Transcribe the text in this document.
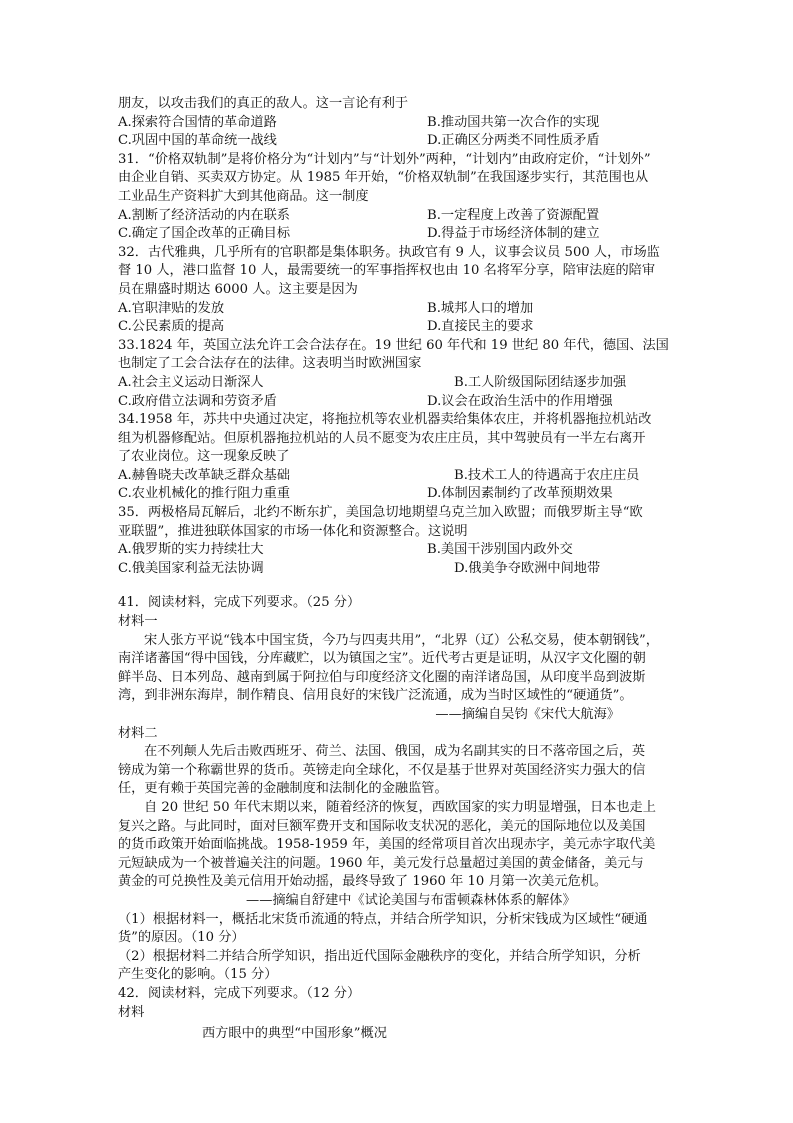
朋友，以攻击我们的真正的敌人。这一言论有利于
A.探索符合国情的革命道路	B.推动国共第一次合作的实现
C.巩固中国的革命统一战线	D.正确区分两类不同性质矛盾
31．“价格双轨制”是将价格分为“计划内”与“计划外”两种，“计划内”由政府定价，“计划外”
由企业自销、买卖双方协定。从 1985 年开始，“价格双轨制”在我国逐步实行，其范围也从
工业品生产资料扩大到其他商品。这一制度
A.割断了经济活动的内在联系	B.一定程度上改善了资源配置
C.确定了国企改革的正确目标	D.得益于市场经济体制的建立
32．古代雅典，几乎所有的官职都是集体职务。执政官有 9 人，议事会议员 500 人，市场监
督 10 人，港口监督 10 人，最需要统一的军事指挥权也由 10 名将军分享，陪审法庭的陪审
员在鼎盛时期达 6000 人。这主要是因为
A.官职津贴的发放	B.城邦人口的增加
C.公民素质的提高	D.直接民主的要求
33.1824 年，英国立法允许工会合法存在。19 世纪 60 年代和 19 世纪 80 年代，德国、法国
也制定了工会合法存在的法律。这表明当时欧洲国家
A.社会主义运动日渐深人	B.工人阶级国际团结逐步加强
C.政府借立法调和劳资矛盾	D.议会在政治生活中的作用增强
34.1958 年，苏共中央通过决定，将拖拉机等农业机器卖给集体农庄，并将机器拖拉机站改
组为机器修配站。但原机器拖拉机站的人员不愿变为农庄庄员，其中驾驶员有一半左右离开
了农业岗位。这一现象反映了
A.赫鲁晓夫改革缺乏群众基础	B.技术工人的待遇高于农庄庄员
C.农业机械化的推行阻力重重	D.体制因素制约了改革预期效果
35．两极格局瓦解后，北约不断东扩，美国急切地期望乌克兰加入欧盟；而俄罗斯主导“欧
亚联盟”，推进独联体国家的市场一体化和资源整合。这说明
A.俄罗斯的实力持续壮大	B.美国干涉别国内政外交
C.俄美国家利益无法协调	D.俄美争夺欧洲中间地带
41．阅读材料，完成下列要求。（25 分）
材料一
宋人张方平说“钱本中国宝货，今乃与四夷共用”，“北界（辽）公私交易，使本朝钢钱”，
南洋诸蕃国“得中国钱，分库藏贮，以为镇国之宝”。近代考古更是证明，从汉字文化圈的朝
鲜半岛、日本列岛、越南到属于阿拉伯与印度经济文化圈的南洋诸岛国，从印度半岛到波斯
湾，到非洲东海岸，制作精良、信用良好的宋钱广泛流通，成为当时区域性的“硬通货”。
——摘编自吴钧《宋代大航海》
材料二
在不列颠人先后击败西班牙、荷兰、法国、俄国，成为名副其实的日不落帝国之后，英
镑成为第一个称霸世界的货币。英镑走向全球化，不仅是基于世界对英国经济实力强大的信
任，更有赖于英国完善的金融制度和法制化的金融监管。
自 20 世纪 50 年代末期以来，随着经济的恢复，西欧国家的实力明显增强，日本也走上
复兴之路。与此同时，面对巨额军费开支和国际收支状况的恶化，美元的国际地位以及美国
的货币政策开始面临挑战。1958-1959 年，美国的经常项目首次出现赤字，美元赤字取代美
元短缺成为一个被普遍关注的问题。1960 年，美元发行总量超过美国的黄金储备，美元与
黄金的可兑换性及美元信用开始动摇，最终导致了 1960 年 10 月第一次美元危机。
——摘编自舒建中《试论美国与布雷顿森林体系的解体》
（1）根据材料一，概括北宋货币流通的特点，并结合所学知识，分析宋钱成为区域性“硬通
货”的原因。（10 分）
（2）根据材料二并结合所学知识，指出近代国际金融秩序的变化，并结合所学知识，分析
产生变化的影响。（15 分）
42．阅读材料，完成下列要求。（12 分）
材料
西方眼中的典型“中国形象”概况
